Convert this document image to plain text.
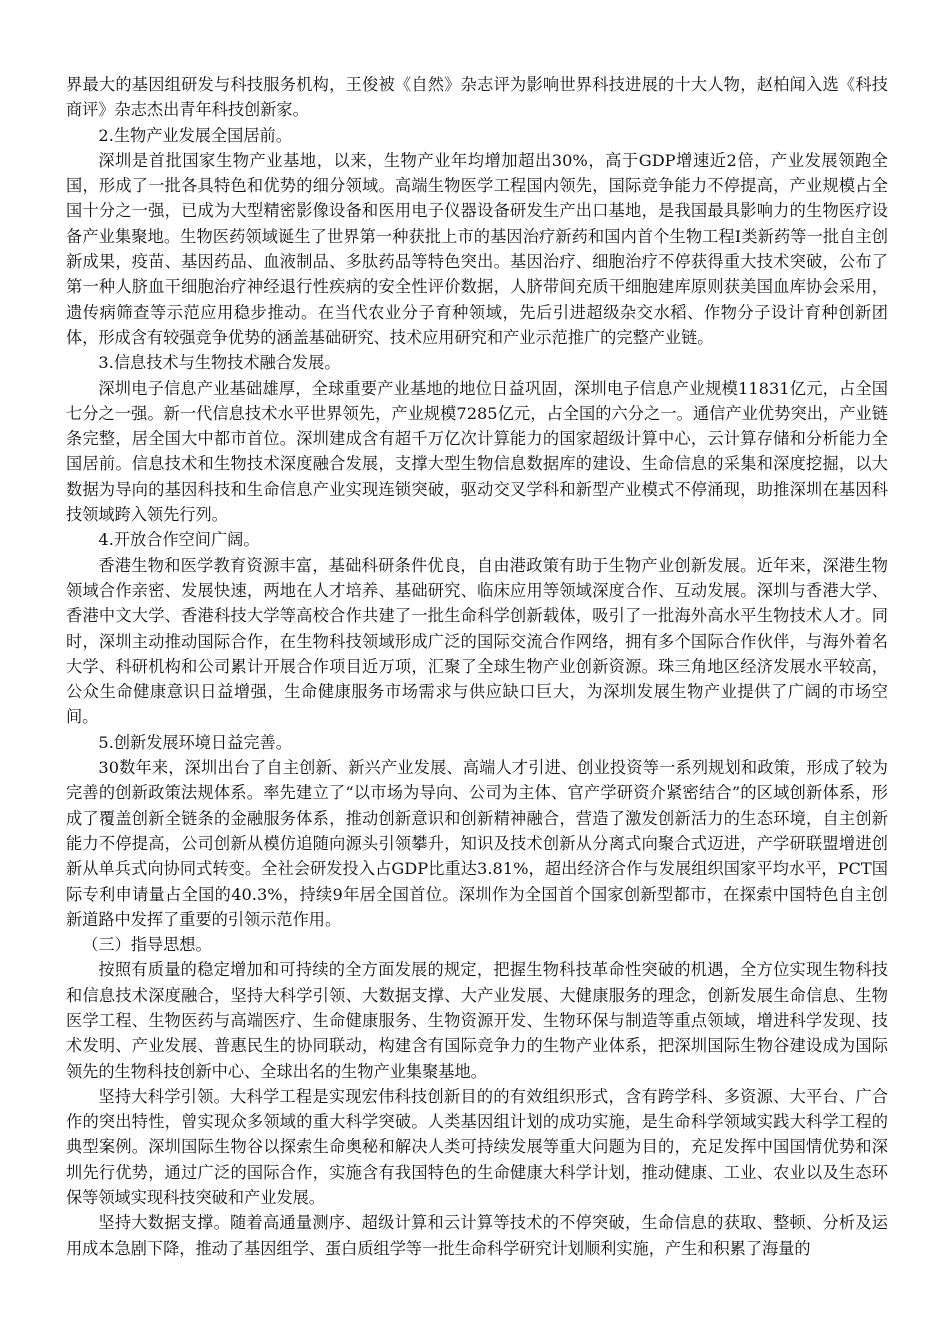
界最大的基因组研发与科技服务机构，王俊被《自然》杂志评为影响世界科技进展的十大人物，赵柏闻入选《科技商评》杂志杰出青年科技创新家。

2.生物产业发展全国居前。

深圳是首批国家生物产业基地，以来，生物产业年均增加超出30%，高于GDP增速近2倍，产业发展领跑全国，形成了一批各具特色和优势的细分领域。高端生物医学工程国内领先，国际竞争能力不停提高，产业规模占全国十分之一强，已成为大型精密影像设备和医用电子仪器设备研发生产出口基地，是我国最具影响力的生物医疗设备产业集聚地。生物医药领域诞生了世界第一种获批上市的基因治疗新药和国内首个生物工程Ⅰ类新药等一批自主创新成果，疫苗、基因药品、血液制品、多肽药品等特色突出。基因治疗、细胞治疗不停获得重大技术突破，公布了第一种人脐血干细胞治疗神经退行性疾病的安全性评价数据，人脐带间充质干细胞建库原则获美国血库协会采用，遗传病筛查等示范应用稳步推动。在当代农业分子育种领域，先后引进超级杂交水稻、作物分子设计育种创新团体，形成含有较强竞争优势的涵盖基础研究、技术应用研究和产业示范推广的完整产业链。

3.信息技术与生物技术融合发展。

深圳电子信息产业基础雄厚，全球重要产业基地的地位日益巩固，深圳电子信息产业规模11831亿元，占全国七分之一强。新一代信息技术水平世界领先，产业规模7285亿元，占全国的六分之一。通信产业优势突出，产业链条完整，居全国大中都市首位。深圳建成含有超千万亿次计算能力的国家超级计算中心，云计算存储和分析能力全国居前。信息技术和生物技术深度融合发展，支撑大型生物信息数据库的建设、生命信息的采集和深度挖掘，以大数据为导向的基因科技和生命信息产业实现连锁突破，驱动交叉学科和新型产业模式不停涌现，助推深圳在基因科技领域跨入领先行列。

4.开放合作空间广阔。

香港生物和医学教育资源丰富，基础科研条件优良，自由港政策有助于生物产业创新发展。近年来，深港生物领域合作亲密、发展快速，两地在人才培养、基础研究、临床应用等领域深度合作、互动发展。深圳与香港大学、香港中文大学、香港科技大学等高校合作共建了一批生命科学创新载体，吸引了一批海外高水平生物技术人才。同时，深圳主动推动国际合作，在生物科技领域形成广泛的国际交流合作网络，拥有多个国际合作伙伴，与海外着名大学、科研机构和公司累计开展合作项目近万项，汇聚了全球生物产业创新资源。珠三角地区经济发展水平较高，公众生命健康意识日益增强，生命健康服务市场需求与供应缺口巨大，为深圳发展生物产业提供了广阔的市场空间。

5.创新发展环境日益完善。

30数年来，深圳出台了自主创新、新兴产业发展、高端人才引进、创业投资等一系列规划和政策，形成了较为完善的创新政策法规体系。率先建立了“以市场为导向、公司为主体、官产学研资介紧密结合”的区域创新体系，形成了覆盖创新全链条的金融服务体系，推动创新意识和创新精神融合，营造了激发创新活力的生态环境，自主创新能力不停提高，公司创新从模仿追随向源头引领攀升，知识及技术创新从分离式向聚合式迈进，产学研联盟增进创新从单兵式向协同式转变。全社会研发投入占GDP比重达3.81%，超出经济合作与发展组织国家平均水平，PCT国际专利申请量占全国的40.3%，持续9年居全国首位。深圳作为全国首个国家创新型都市，在探索中国特色自主创新道路中发挥了重要的引领示范作用。

（三）指导思想。

按照有质量的稳定增加和可持续的全方面发展的规定，把握生物科技革命性突破的机遇，全方位实现生物科技和信息技术深度融合，坚持大科学引领、大数据支撑、大产业发展、大健康服务的理念，创新发展生命信息、生物医学工程、生物医药与高端医疗、生命健康服务、生物资源开发、生物环保与制造等重点领域，增进科学发现、技术发明、产业发展、普惠民生的协同联动，构建含有国际竞争力的生物产业体系，把深圳国际生物谷建设成为国际领先的生物科技创新中心、全球出名的生物产业集聚基地。

坚持大科学引领。大科学工程是实现宏伟科技创新目的的有效组织形式，含有跨学科、多资源、大平台、广合作的突出特性，曾实现众多领域的重大科学突破。人类基因组计划的成功实施，是生命科学领域实践大科学工程的典型案例。深圳国际生物谷以探索生命奥秘和解决人类可持续发展等重大问题为目的，充足发挥中国国情优势和深圳先行优势，通过广泛的国际合作，实施含有我国特色的生命健康大科学计划，推动健康、工业、农业以及生态环保等领域实现科技突破和产业发展。

坚持大数据支撑。随着高通量测序、超级计算和云计算等技术的不停突破，生命信息的获取、整顿、分析及运用成本急剧下降，推动了基因组学、蛋白质组学等一批生命科学研究计划顺利实施，产生和积累了海量的
